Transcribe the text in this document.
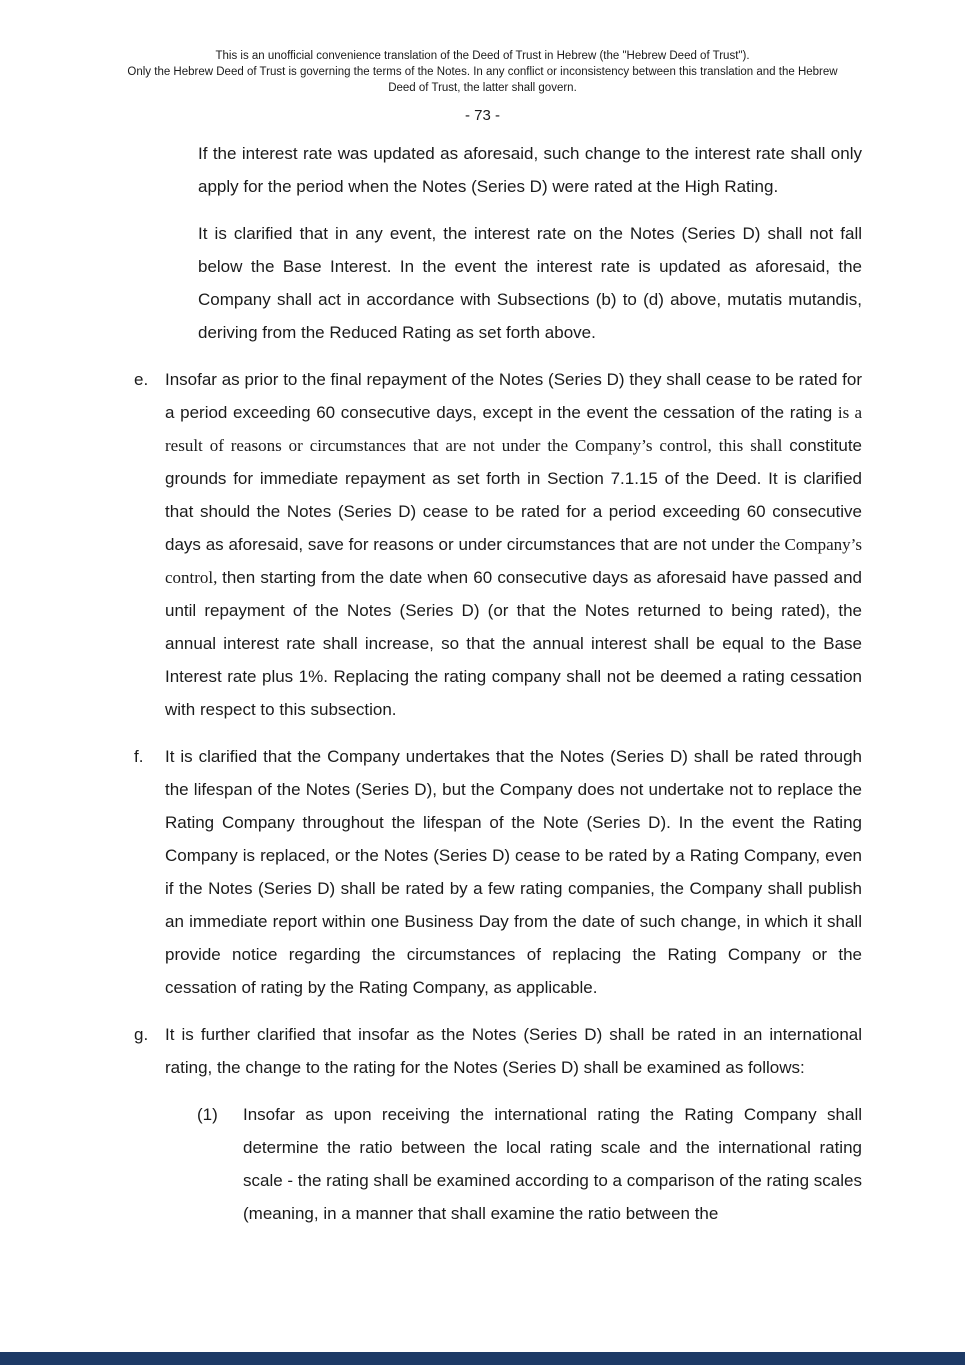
This is an unofficial convenience translation of the Deed of Trust in Hebrew (the "Hebrew Deed of Trust").
Only the Hebrew Deed of Trust is governing the terms of the Notes. In any conflict or inconsistency between this translation and the Hebrew
Deed of Trust, the latter shall govern.
- 73 -

If the interest rate was updated as aforesaid, such change to the interest rate shall only apply for the period when the Notes (Series D) were rated at the High Rating.

It is clarified that in any event, the interest rate on the Notes (Series D) shall not fall below the Base Interest. In the event the interest rate is updated as aforesaid, the Company shall act in accordance with Subsections (b) to (d) above, mutatis mutandis, deriving from the Reduced Rating as set forth above.

e. Insofar as prior to the final repayment of the Notes (Series D) they shall cease to be rated for a period exceeding 60 consecutive days, except in the event the cessation of the rating is a result of reasons or circumstances that are not under the Company’s control, this shall constitute grounds for immediate repayment as set forth in Section 7.1.15 of the Deed. It is clarified that should the Notes (Series D) cease to be rated for a period exceeding 60 consecutive days as aforesaid, save for reasons or under circumstances that are not under the Company’s control, then starting from the date when 60 consecutive days as aforesaid have passed and until repayment of the Notes (Series D) (or that the Notes returned to being rated), the annual interest rate shall increase, so that the annual interest shall be equal to the Base Interest rate plus 1%. Replacing the rating company shall not be deemed a rating cessation with respect to this subsection.
f.	It is clarified that the Company undertakes that the Notes (Series D) shall be rated through the lifespan of the Notes (Series D), but the Company does not undertake not to replace the Rating Company throughout the lifespan of the Note (Series D). In the event the Rating Company is replaced, or the Notes (Series D) cease to be rated by a Rating Company, even if the Notes (Series D) shall be rated by a few rating companies, the Company shall publish an immediate report within one Business Day from the date of such change, in which it shall provide notice regarding the circumstances of replacing the Rating Company or the cessation of rating by the Rating Company, as applicable.
g. It is further clarified that insofar as the Notes (Series D) shall be rated in an international rating, the change to the rating for the Notes (Series D) shall be examined as follows:
(1)	Insofar as upon receiving the international rating the Rating Company shall determine the ratio between the local rating scale and the international rating scale - the rating shall be examined according to a comparison of the rating scales (meaning, in a manner that shall examine the ratio between the
